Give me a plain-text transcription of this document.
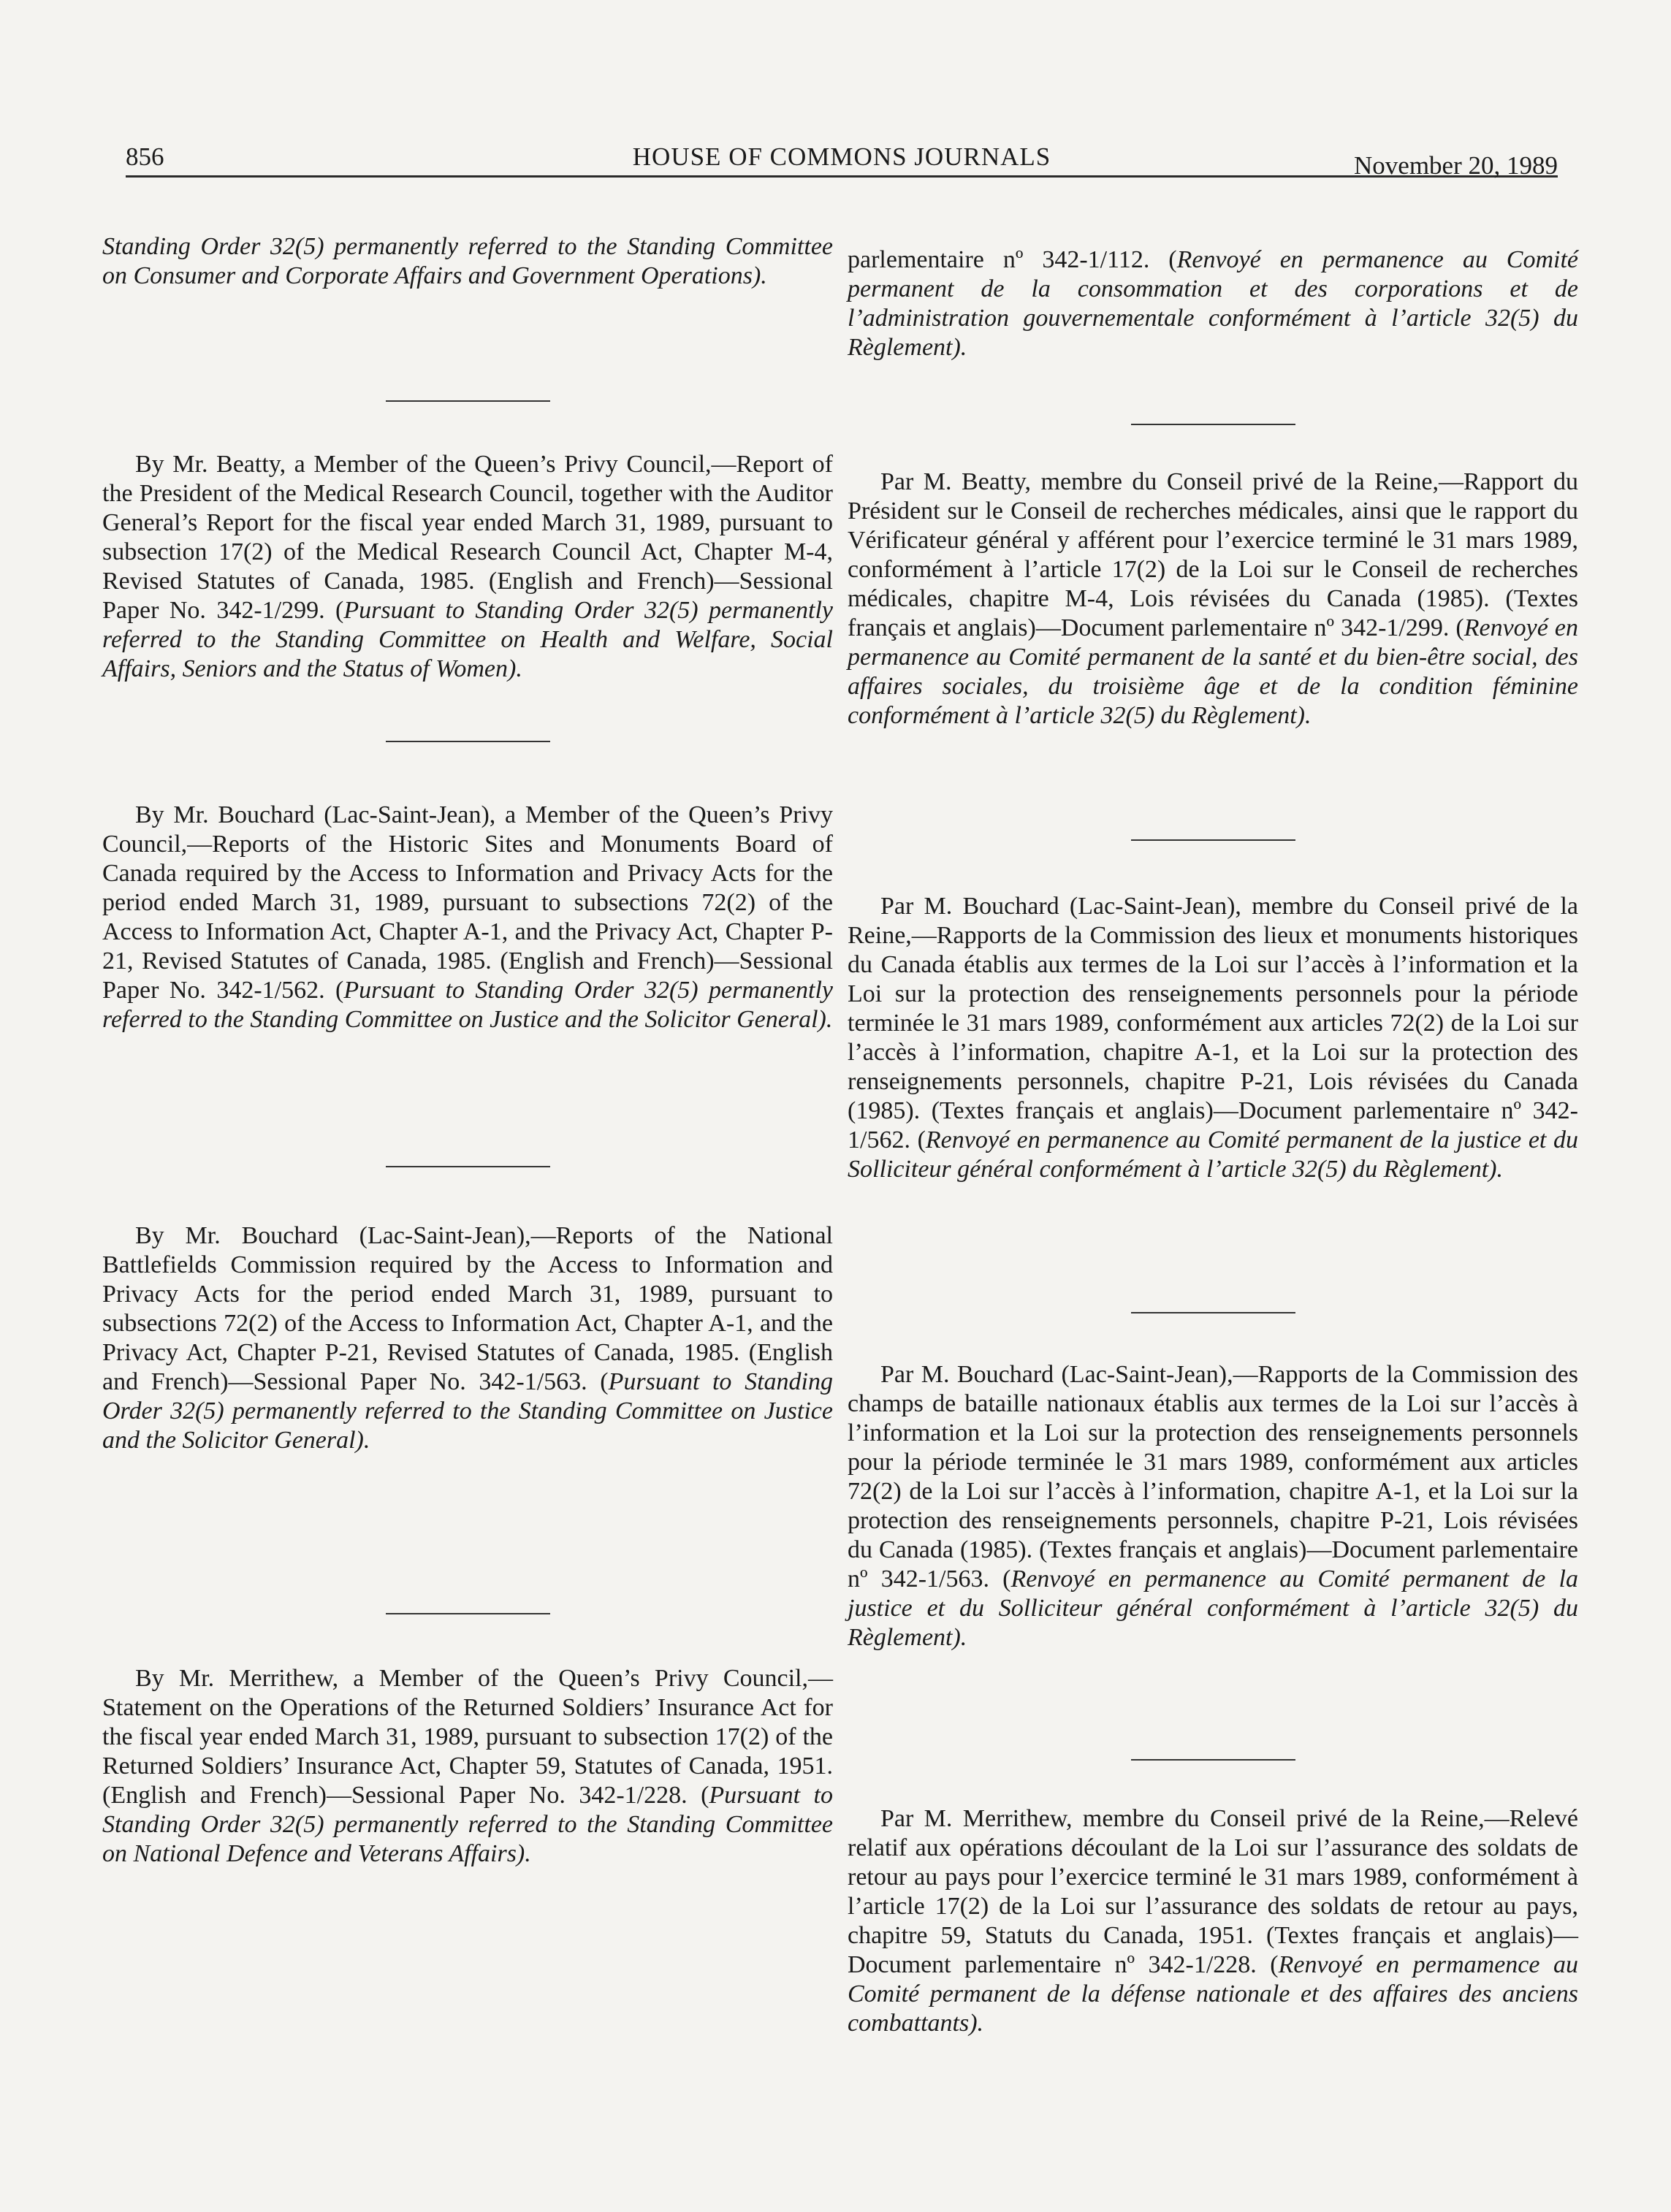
856	HOUSE OF COMMONS JOURNALS	November 20, 1989

Standing Order 32(5) permanently referred to the Standing Committee on Consumer and Corporate Affairs and Government Operations).

By Mr. Beatty, a Member of the Queen’s Privy Council,—Report of the President of the Medical Research Council, together with the Auditor General’s Report for the fiscal year ended March 31, 1989, pursuant to subsection 17(2) of the Medical Research Council Act, Chapter M-4, Revised Statutes of Canada, 1985. (English and French)—Sessional Paper No. 342-1/299. (Pursuant to Standing Order 32(5) permanently referred to the Standing Committee on Health and Welfare, Social Affairs, Seniors and the Status of Women).

By Mr. Bouchard (Lac-Saint-Jean), a Member of the Queen’s Privy Council,—Reports of the Historic Sites and Monuments Board of Canada required by the Access to Information and Privacy Acts for the period ended March 31, 1989, pursuant to subsections 72(2) of the Access to Information Act, Chapter A-1, and the Privacy Act, Chapter P-21, Revised Statutes of Canada, 1985. (English and French)—Sessional Paper No. 342-1/562. (Pursuant to Standing Order 32(5) permanently referred to the Standing Committee on Justice and the Solicitor General).

By Mr. Bouchard (Lac-Saint-Jean),—Reports of the National Battlefields Commission required by the Access to Information and Privacy Acts for the period ended March 31, 1989, pursuant to subsections 72(2) of the Access to Information Act, Chapter A-1, and the Privacy Act, Chapter P-21, Revised Statutes of Canada, 1985. (English and French)—Sessional Paper No. 342-1/563. (Pursuant to Standing Order 32(5) permanently referred to the Standing Committee on Justice and the Solicitor General).

By Mr. Merrithew, a Member of the Queen’s Privy Council,—Statement on the Operations of the Returned Soldiers’ Insurance Act for the fiscal year ended March 31, 1989, pursuant to subsection 17(2) of the Returned Soldiers’ Insurance Act, Chapter 59, Statutes of Canada, 1951. (English and French)—Sessional Paper No. 342-1/228. (Pursuant to Standing Order 32(5) permanently referred to the Standing Committee on National Defence and Veterans Affairs).

parlementaire nº 342-1/112. (Renvoyé en permanence au Comité permanent de la consommation et des corporations et de l’administration gouvernementale conformément à l’article 32(5) du Règlement).

Par M. Beatty, membre du Conseil privé de la Reine,—Rapport du Président sur le Conseil de recherches médicales, ainsi que le rapport du Vérificateur général y afférent pour l’exercice terminé le 31 mars 1989, conformément à l’article 17(2) de la Loi sur le Conseil de recherches médicales, chapitre M-4, Lois révisées du Canada (1985). (Textes français et anglais)—Document parlementaire nº 342-1/299. (Renvoyé en permanence au Comité permanent de la santé et du bien-être social, des affaires sociales, du troisième âge et de la condition féminine conformément à l’article 32(5) du Règlement).

Par M. Bouchard (Lac-Saint-Jean), membre du Conseil privé de la Reine,—Rapports de la Commission des lieux et monuments historiques du Canada établis aux termes de la Loi sur l’accès à l’information et la Loi sur la protection des renseignements personnels pour la période terminée le 31 mars 1989, conformément aux articles 72(2) de la Loi sur l’accès à l’information, chapitre A-1, et la Loi sur la protection des renseignements personnels, chapitre P-21, Lois révisées du Canada (1985). (Textes français et anglais)—Document parlementaire nº 342-1/562. (Renvoyé en permanence au Comité permanent de la justice et du Solliciteur général conformément à l’article 32(5) du Règlement).

Par M. Bouchard (Lac-Saint-Jean),—Rapports de la Commission des champs de bataille nationaux établis aux termes de la Loi sur l’accès à l’information et la Loi sur la protection des renseignements personnels pour la période terminée le 31 mars 1989, conformément aux articles 72(2) de la Loi sur l’accès à l’information, chapitre A-1, et la Loi sur la protection des renseignements personnels, chapitre P-21, Lois révisées du Canada (1985). (Textes français et anglais)—Document parlementaire nº 342-1/563. (Renvoyé en permanence au Comité permanent de la justice et du Solliciteur général conformément à l’article 32(5) du Règlement).

Par M. Merrithew, membre du Conseil privé de la Reine,—Relevé relatif aux opérations découlant de la Loi sur l’assurance des soldats de retour au pays pour l’exercice terminé le 31 mars 1989, conformément à l’article 17(2) de la Loi sur l’assurance des soldats de retour au pays, chapitre 59, Statuts du Canada, 1951. (Textes français et anglais)—Document parlementaire nº 342-1/228. (Renvoyé en permamence au Comité permanent de la défense nationale et des affaires des anciens combattants).
